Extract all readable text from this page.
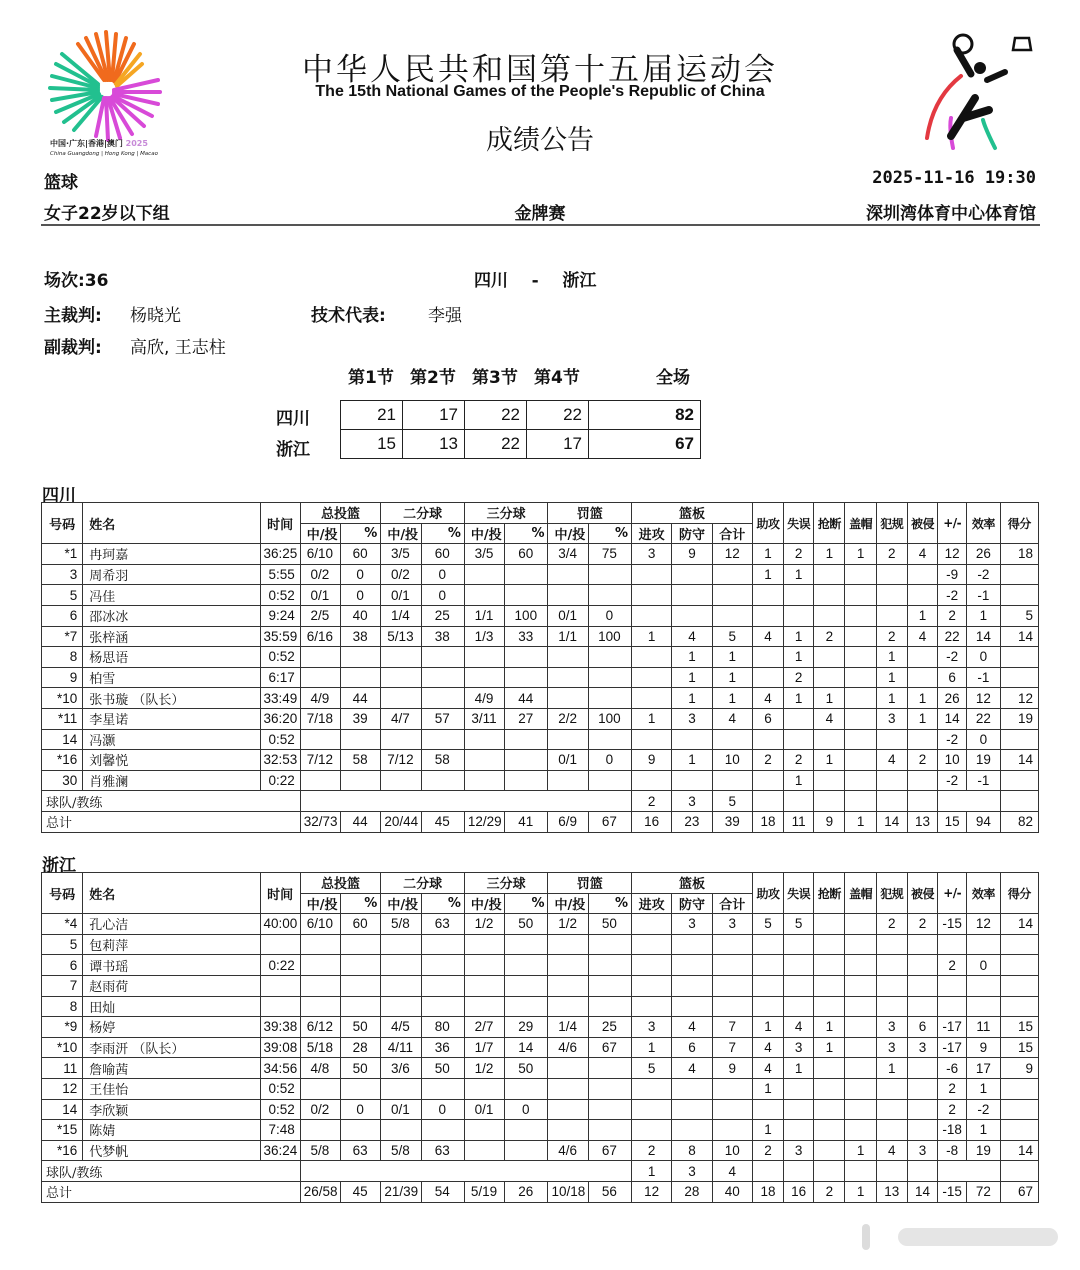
中国·广东|香港|澳门 2025
China Guangdong | Hong Kong | Macao
中华人民共和国第十五届运动会
The 15th National Games of the People's Republic of China
成绩公告
篮球	2025-11-16 19:30
女子22岁以下组	金牌赛	深圳湾体育中心体育馆
场次:36	四川    -    浙江
主裁判: 杨晓光	技术代表: 李强
副裁判: 高欣, 王志柱
第1节 第2节 第3节 第4节	全场
四川
浙江
21	17	22	22	82
15	13	22	17	67
四川
号码	姓名	时间	总投篮		二分球		三分球		罚篮		篮板			助攻	失误	抢断	盖帽	犯规	被侵	+/-	效率	得分
			中/投	%	中/投	%	中/投	%	中/投	%	进攻	防守	合计									
*1	冉珂嘉	36:25	6/10	60	3/5	60	3/5	60	3/4	75	3	9	12	1	2	1	1	2	4	12	26	18
3	周希羽	5:55	0/2	0	0/2	0								1	1					-9	-2	
5	冯佳	0:52	0/1	0	0/1	0														-2	-1	
6	邵冰冰	9:24	2/5	40	1/4	25	1/1	100	0/1	0									1	2	1	5
*7	张梓涵	35:59	6/16	38	5/13	38	1/3	33	1/1	100	1	4	5	4	1	2		2	4	22	14	14
8	杨思语	0:52										1	1		1			1		-2	0	
9	柏雪	6:17										1	1		2			1		6	-1	
*10	张书璇 （队长）	33:49	4/9	44			4/9	44				1	1	4	1	1		1	1	26	12	12
*11	李星诺	36:20	7/18	39	4/7	57	3/11	27	2/2	100	1	3	4	6		4		3	1	14	22	19
14	冯灏	0:52																		-2	0	
*16	刘馨悦	32:53	7/12	58	7/12	58			0/1	0	9	1	10	2	2	1		4	2	10	19	14
30	肖雅澜	0:22													1					-2	-1	
球队/教练											2	3	5									
总计			32/73	44	20/44	45	12/29	41	6/9	67	16	23	39	18	11	9	1	14	13	15	94	82
浙江
号码	姓名	时间	总投篮		二分球		三分球		罚篮		篮板			助攻	失误	抢断	盖帽	犯规	被侵	+/-	效率	得分
			中/投	%	中/投	%	中/投	%	中/投	%	进攻	防守	合计									
*4	孔心洁	40:00	6/10	60	5/8	63	1/2	50	1/2	50		3	3	5	5			2	2	-15	12	14
5	包莉萍																					
6	谭书瑶	0:22																		2	0	
7	赵雨荷																					
8	田灿																					
*9	杨婷	39:38	6/12	50	4/5	80	2/7	29	1/4	25	3	4	7	1	4	1		3	6	-17	11	15
*10	李雨汧 （队长）	39:08	5/18	28	4/11	36	1/7	14	4/6	67	1	6	7	4	3	1		3	3	-17	9	15
11	詹喻茜	34:56	4/8	50	3/6	50	1/2	50			5	4	9	4	1			1		-6	17	9
12	王佳怡	0:52												1						2	1	
14	李欣颖	0:52	0/2	0	0/1	0	0/1	0												2	-2	
*15	陈婧	7:48												1						-18	1	
*16	代梦帆	36:24	5/8	63	5/8	63			4/6	67	2	8	10	2	3		1	4	3	-8	19	14
球队/教练											1	3	4									
总计			26/58	45	21/39	54	5/19	26	10/18	56	12	28	40	18	16	2	1	13	14	-15	72	67
